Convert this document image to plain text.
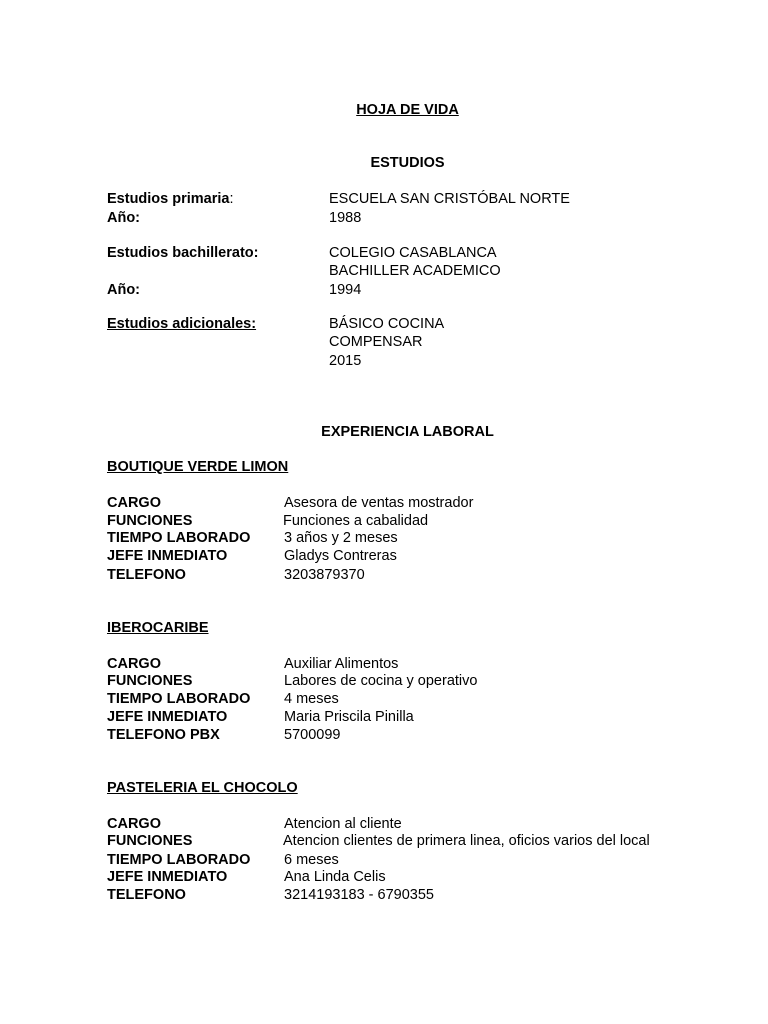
HOJA DE VIDA
ESTUDIOS
Estudios primaria:	ESCUELA SAN CRISTÓBAL NORTE
Año:	1988
Estudios bachillerato:	COLEGIO CASABLANCA
BACHILLER ACADEMICO
Año:	1994
Estudios adicionales:	BÁSICO COCINA
COMPENSAR
2015
EXPERIENCIA LABORAL
BOUTIQUE VERDE LIMON
CARGO	Asesora de ventas mostrador
FUNCIONES	Funciones a cabalidad
TIEMPO LABORADO 3 años y 2 meses
JEFE INMEDIATO	Gladys Contreras
TELEFONO	3203879370
IBEROCARIBE
CARGO	Auxiliar Alimentos
FUNCIONES	Labores de cocina y operativo
TIEMPO LABORADO 4 meses
JEFE INMEDIATO	Maria Priscila Pinilla
TELEFONO PBX	5700099
PASTELERIA EL CHOCOLO
CARGO	Atencion al cliente
FUNCIONES	Atencion clientes de primera linea, oficios varios del local
TIEMPO LABORADO 6 meses
JEFE INMEDIATO	Ana Linda Celis
TELEFONO	3214193183 - 6790355
